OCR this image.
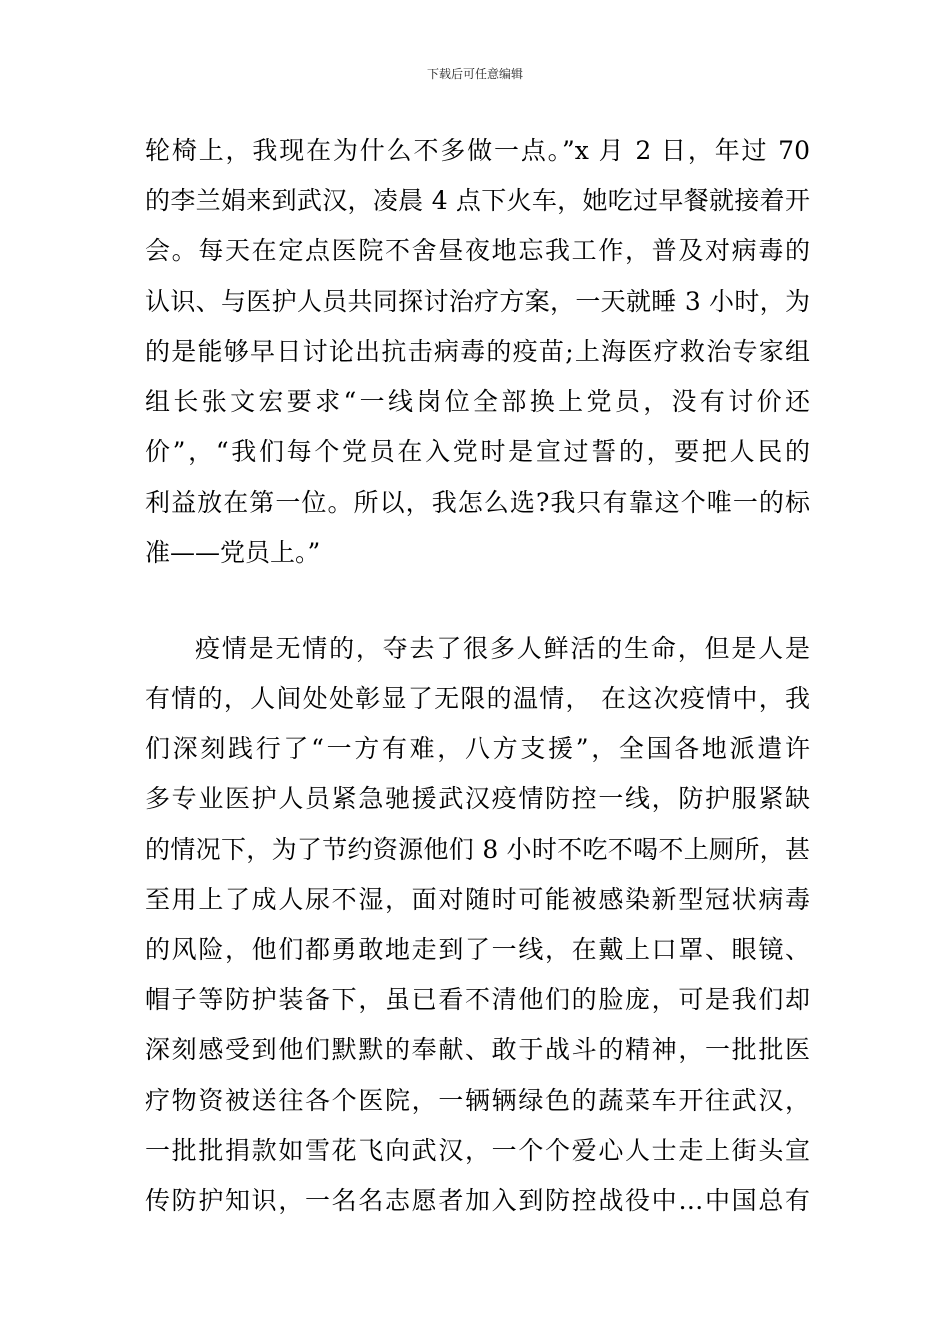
下载后可任意编辑
轮椅上，我现在为什么不多做一点。”x 月 2 日，年过 70
的李兰娟来到武汉，凌晨 4 点下火车，她吃过早餐就接着开
会。每天在定点医院不舍昼夜地忘我工作，普及对病毒的
认识、与医护人员共同探讨治疗方案，一天就睡 3 小时，为
的是能够早日讨论出抗击病毒的疫苗;上海医疗救治专家组
组长张文宏要求“一线岗位全部换上党员，没有讨价还
价”，“我们每个党员在入党时是宣过誓的，要把人民的
利益放在第一位。所以，我怎么选?我只有靠这个唯一的标
准——党员上。”
疫情是无情的，夺去了很多人鲜活的生命，但是人是
有情的，人间处处彰显了无限的温情， 在这次疫情中，我
们深刻践行了“一方有难，八方支援”，全国各地派遣许
多专业医护人员紧急驰援武汉疫情防控一线，防护服紧缺
的情况下，为了节约资源他们 8 小时不吃不喝不上厕所，甚
至用上了成人尿不湿，面对随时可能被感染新型冠状病毒
的风险，他们都勇敢地走到了一线，在戴上口罩、眼镜、
帽子等防护装备下，虽已看不清他们的脸庞，可是我们却
深刻感受到他们默默的奉献、敢于战斗的精神，一批批医
疗物资被送往各个医院，一辆辆绿色的蔬菜车开往武汉，
一批批捐款如雪花飞向武汉，一个个爱心人士走上街头宣
传防护知识，一名名志愿者加入到防控战役中…中国总有
